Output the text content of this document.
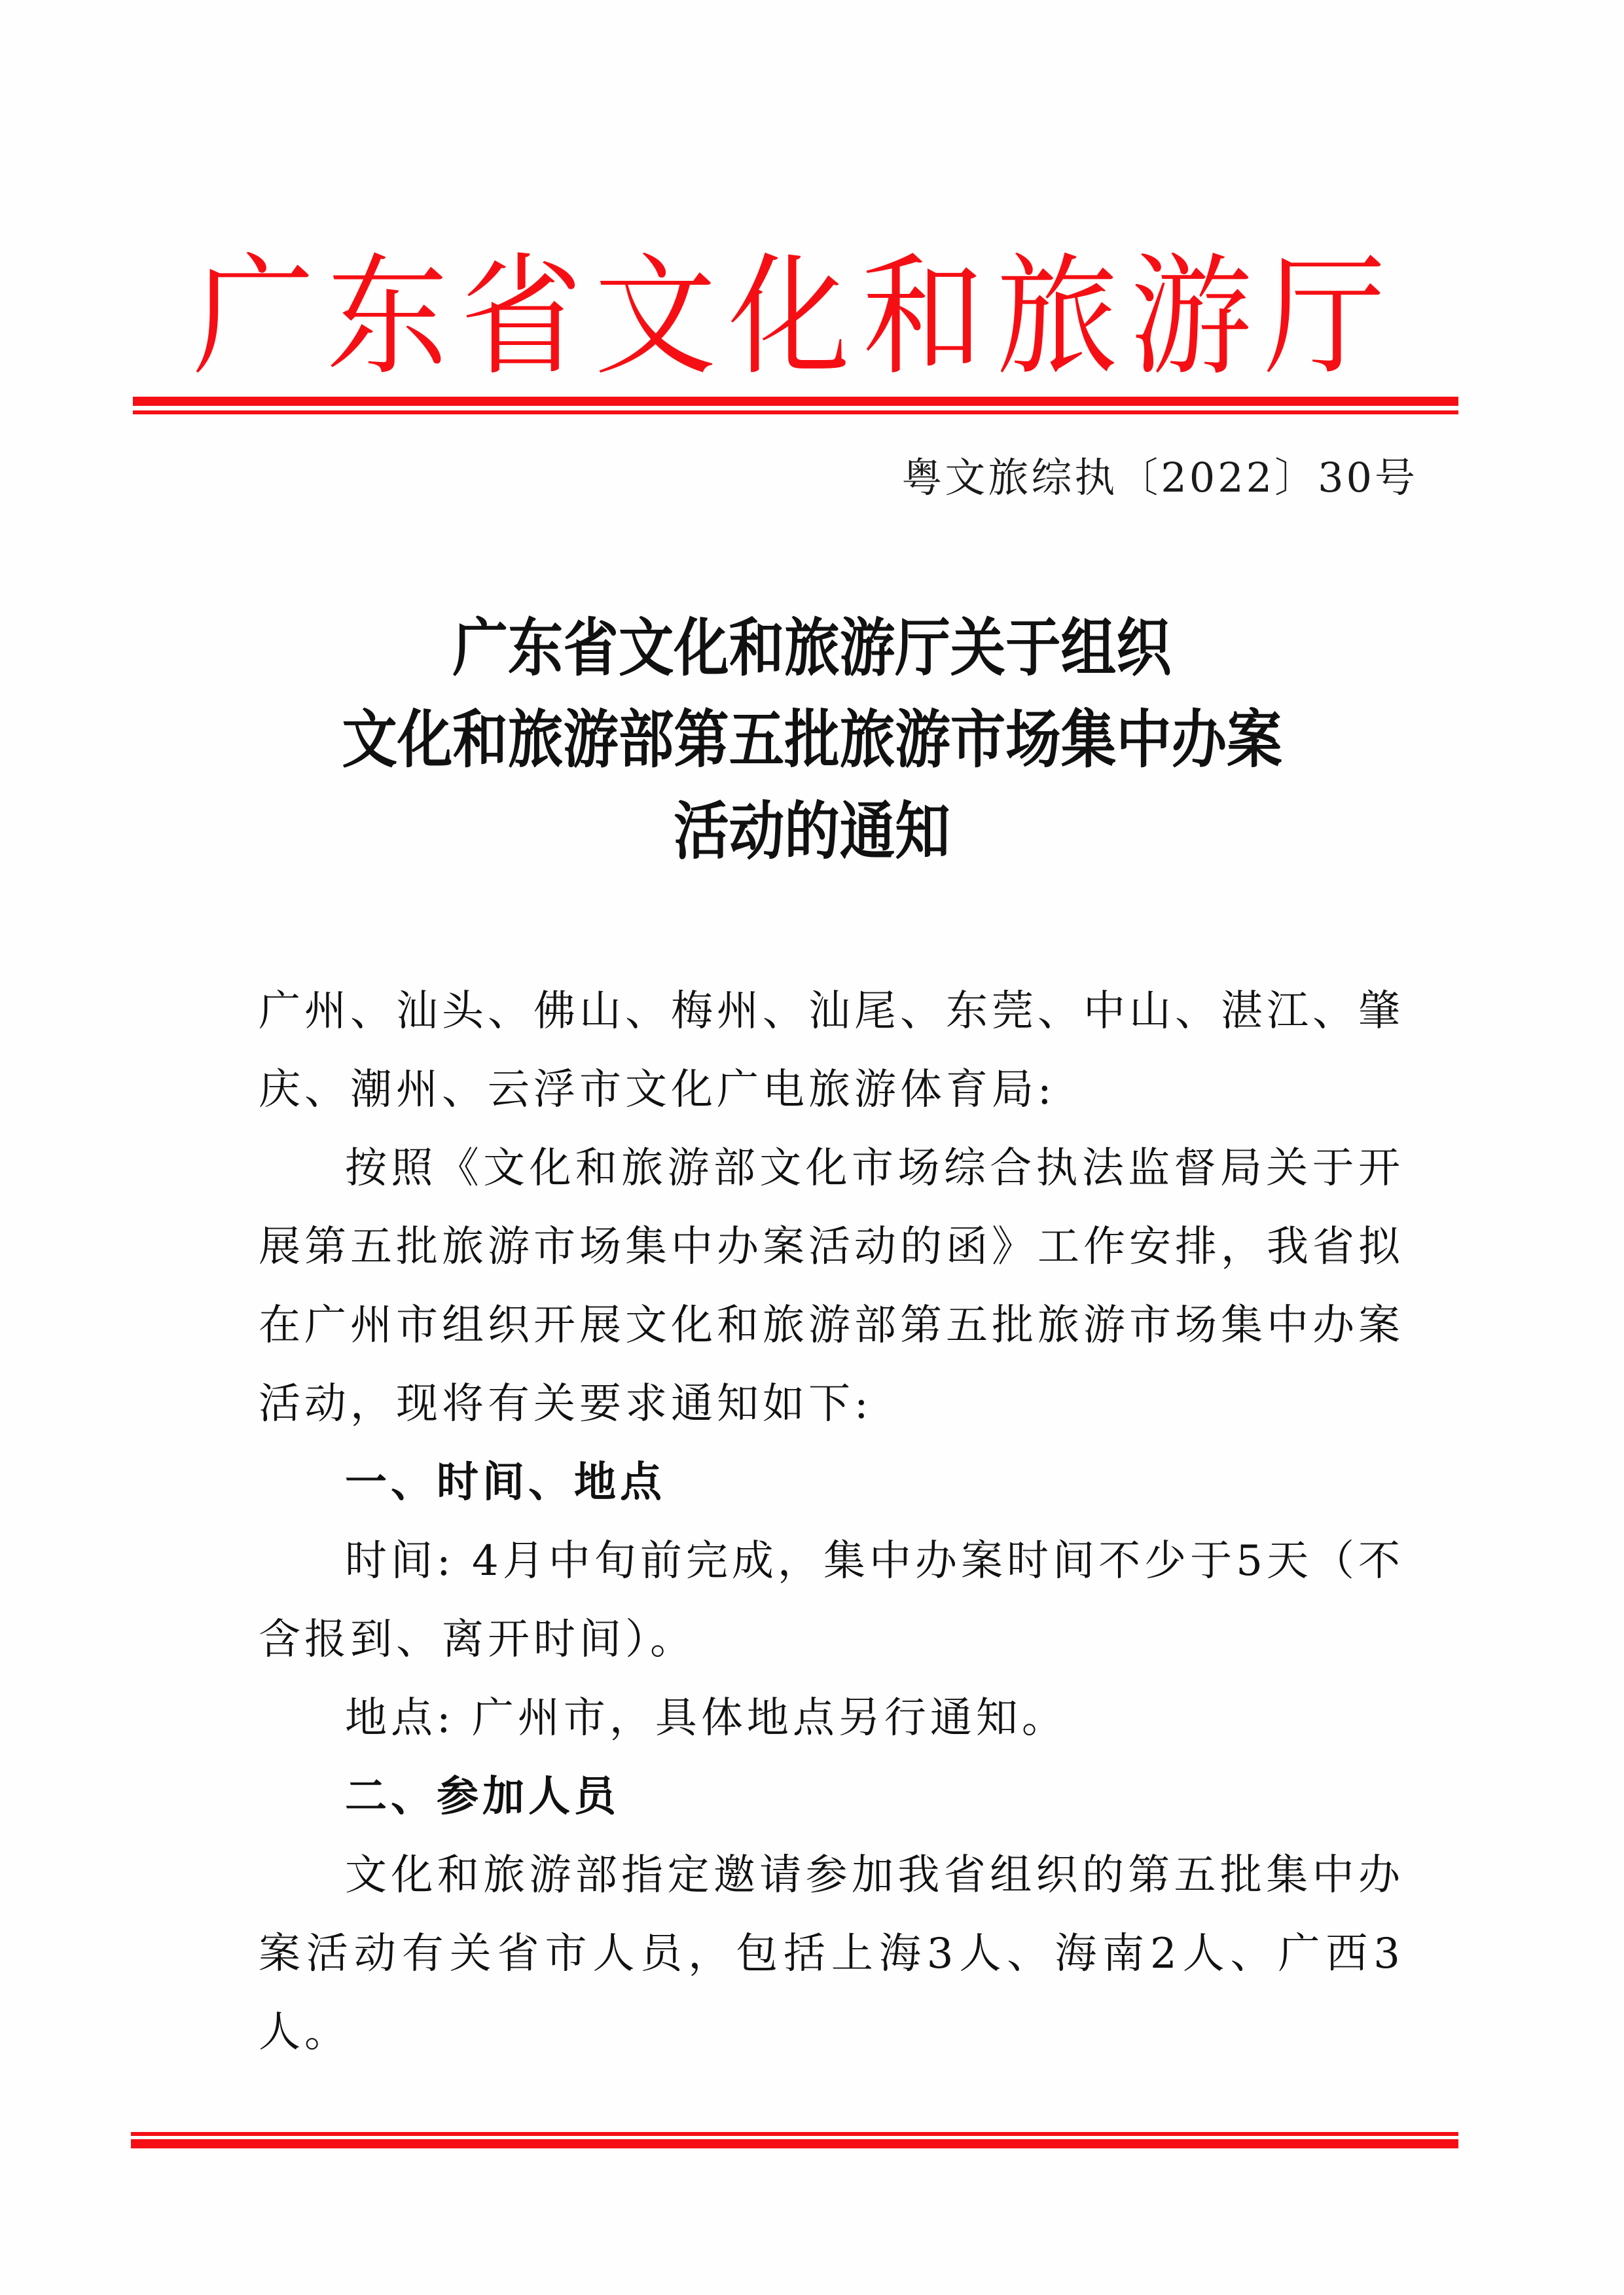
广东省文化和旅游厅
粤文旅综执〔2022〕30号
广东省文化和旅游厅关于组织
文化和旅游部第五批旅游市场集中办案
活动的通知

广州、汕头、佛山、梅州、汕尾、东莞、中山、湛江、肇庆、潮州、云浮市文化广电旅游体育局:

按照《文化和旅游部文化市场综合执法监督局关于开展第五批旅游市场集中办案活动的函》工作安排，我省拟在广州市组织开展文化和旅游部第五批旅游市场集中办案活动，现将有关要求通知如下:

一、时间、地点

时间: 4月中旬前完成，集中办案时间不少于5天（不含报到、离开时间）。

地点: 广州市，具体地点另行通知。

二、参加人员

文化和旅游部指定邀请参加我省组织的第五批集中办案活动有关省市人员，包括上海3人、海南2人、广西3人。
